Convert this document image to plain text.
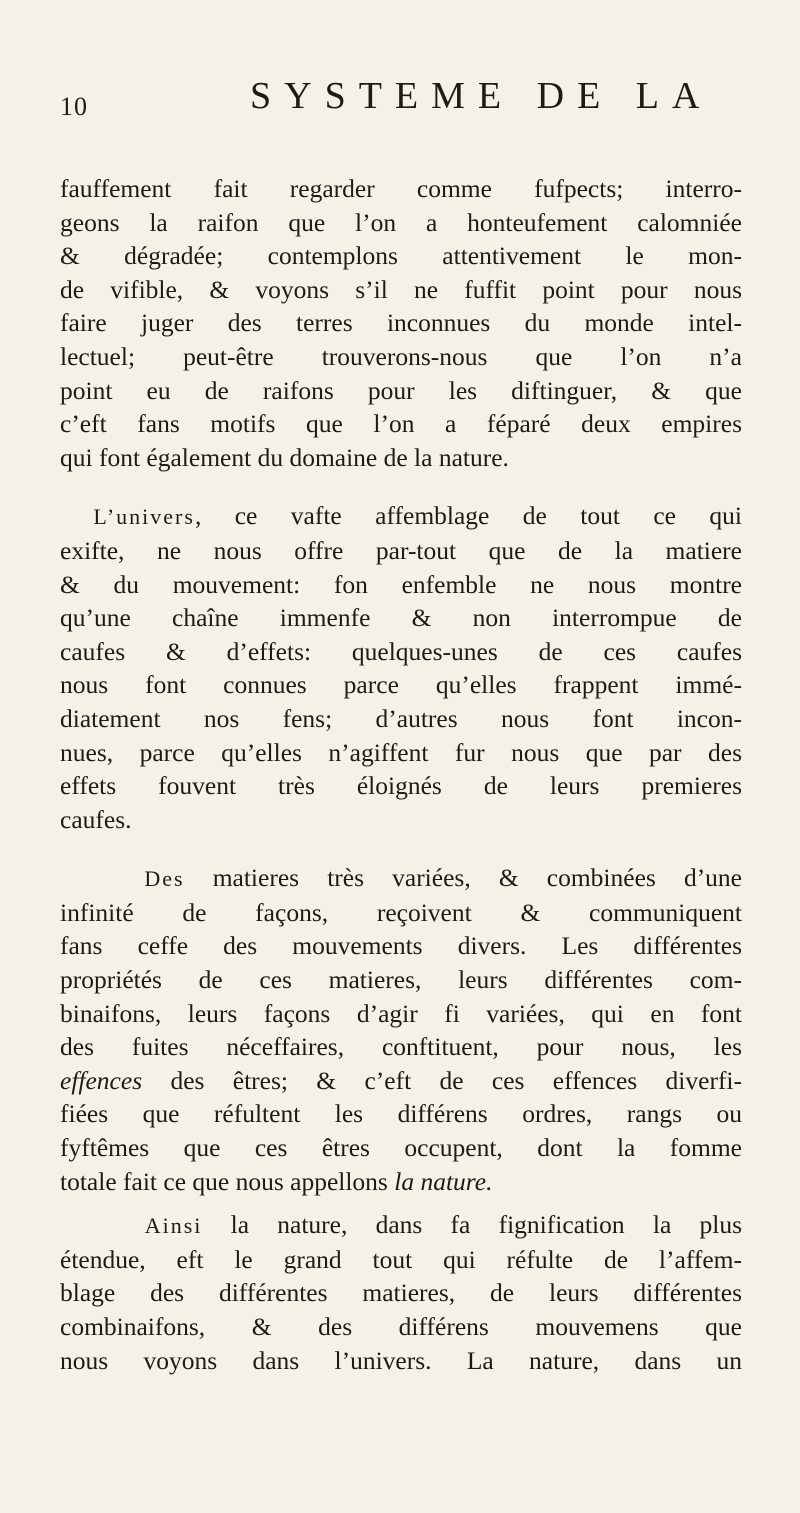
10	SYSTEME DE LA

fauffement fait regarder comme fufpects; interro-
geons la raifon que l’on a honteufement calomniée
& dégradée; contemplons attentivement le mon-
de vifible, & voyons s’il ne fuffit point pour nous
faire juger des terres inconnues du monde intel-
lectuel; peut-être trouverons-nous que l’on n’a
point eu de raifons pour les diftinguer, & que
c’eft fans motifs que l’on a féparé deux empires
qui font également du domaine de la nature.

L’univers, ce vafte affemblage de tout ce qui
exifte, ne nous offre par-tout que de la matiere
& du mouvement: fon enfemble ne nous montre
qu’une chaîne immenfe & non interrompue de
caufes & d’effets: quelques-unes de ces caufes
nous font connues parce qu’elles frappent immé-
diatement nos fens; d’autres nous font incon-
nues, parce qu’elles n’agiffent fur nous que par des
effets fouvent très éloignés de leurs premieres
caufes.

Des matieres très variées, & combinées d’une
infinité de façons, reçoivent & communiquent
fans ceffe des mouvements divers. Les différentes
propriétés de ces matieres, leurs différentes com-
binaifons, leurs façons d’agir fi variées, qui en font
des fuites néceffaires, conftituent, pour nous, les
effences des êtres; & c’eft de ces effences diverfi-
fiées que réfultent les différens ordres, rangs ou
fyftêmes que ces êtres occupent, dont la fomme
totale fait ce que nous appellons la nature.

Ainsi la nature, dans fa fignification la plus
étendue, eft le grand tout qui réfulte de l’affem-
blage des différentes matieres, de leurs différentes
combinaifons, & des différens mouvemens que
nous voyons dans l’univers. La nature, dans un
